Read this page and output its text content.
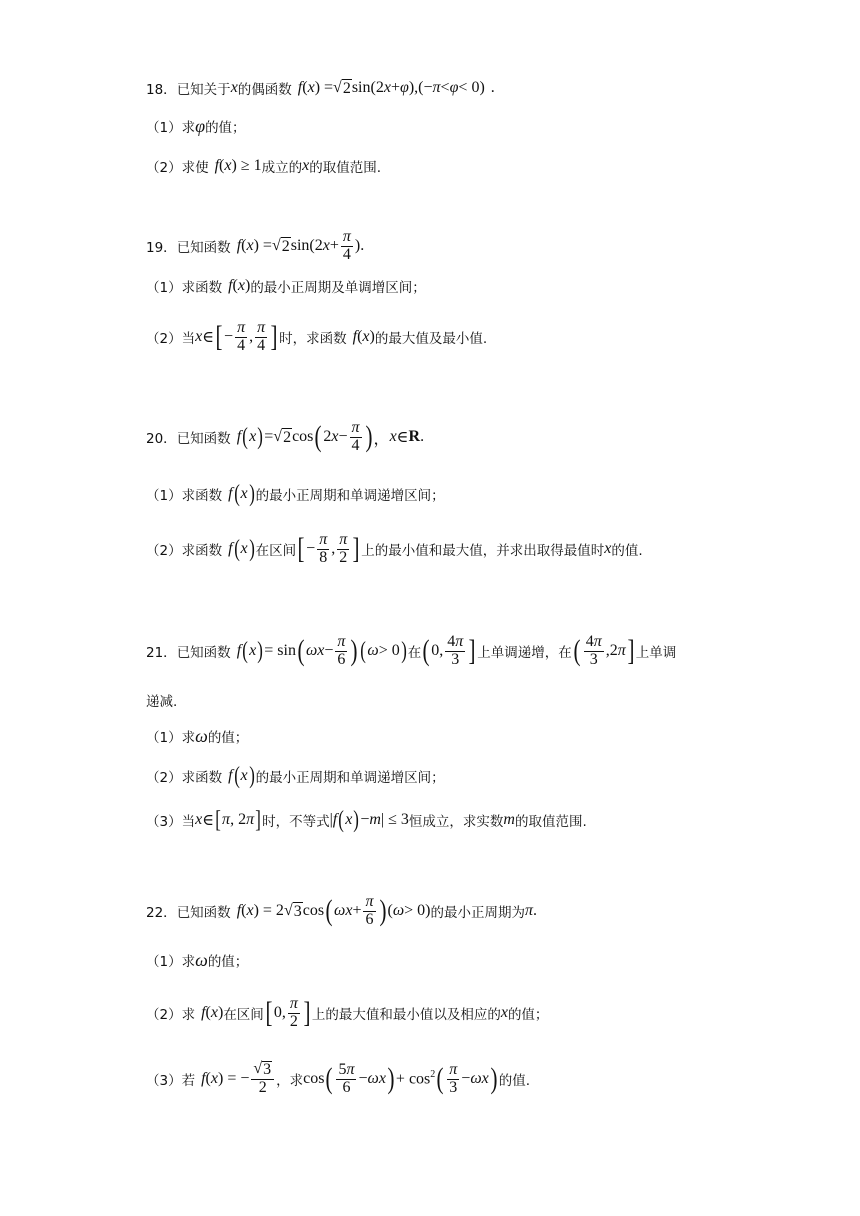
18． 已知关于 x 的偶函数 f ( x ) = √ 2 sin(2 x + φ ),(− π < φ < 0) .
（1） 求 φ 的值；
（2） 求使 f ( x ) ≥ 1 成立的 x 的取值范围.
19． 已知函数 f ( x ) = √ 2 sin(2 $x + \frac{\pi}{4}$ ) .
（1） 求函数 f ( x ) 的最小正周期及单调增区间；
（2） 当 x ∈ [ − $\frac{\pi}{4}$ , $\frac{\pi}{4}$ ] 时，求函数 f ( x ) 的最大值及最小值.
20． 已知函数 f ( x ) = √ 2 cos ( 2 $x - \frac{\pi}{4}$ ) ， x ∈ R .
（1） 求函数 f ( x ) 的最小正周期和单调递增区间；
（2） 求函数 f ( x ) 在区间 [ − $\frac{\pi}{8}$ , $\frac{\pi}{2}$ ] 上的最小值和最大值，并求出取得最值时 x 的值.
21． 已知函数 f ( x ) = sin ( $\omega x - \frac{\pi}{6}$ ) ( ω > 0 ) 在 ( 0, $\frac{4\pi}{3}$ ] 上单调递增，在 ( $\frac{4\pi}{3} ,2$ π ] 上单调
递减.
（1） 求 ω 的值；
（2） 求函数 f ( x ) 的最小正周期和单调递增区间；
（3） 当 x ∈ [ π , 2 π ] 时，不等式 | f ( x ) − m | ≤ 3 恒成立，求实数 m 的取值范围.
22． 已知函数 f ( x ) = 2 √ 3 cos ( $\omega x + \frac{\pi}{6}$ ) ( ω > 0) 的最小正周期为 π .
（1） 求 ω 的值；
（2） 求 f ( x ) 在区间 [ 0, $\frac{\pi}{2}$ ] 上的最大值和最小值以及相应的 x 的值；
（3） 若 f ( x ) = − $\frac{√ 3}{2}$ ，求 cos ( $\frac{5\pi}{6} - \omega x$ ) + $\cos^2$ ( $\frac{\pi}{3} - \omega x$ ) 的值.
